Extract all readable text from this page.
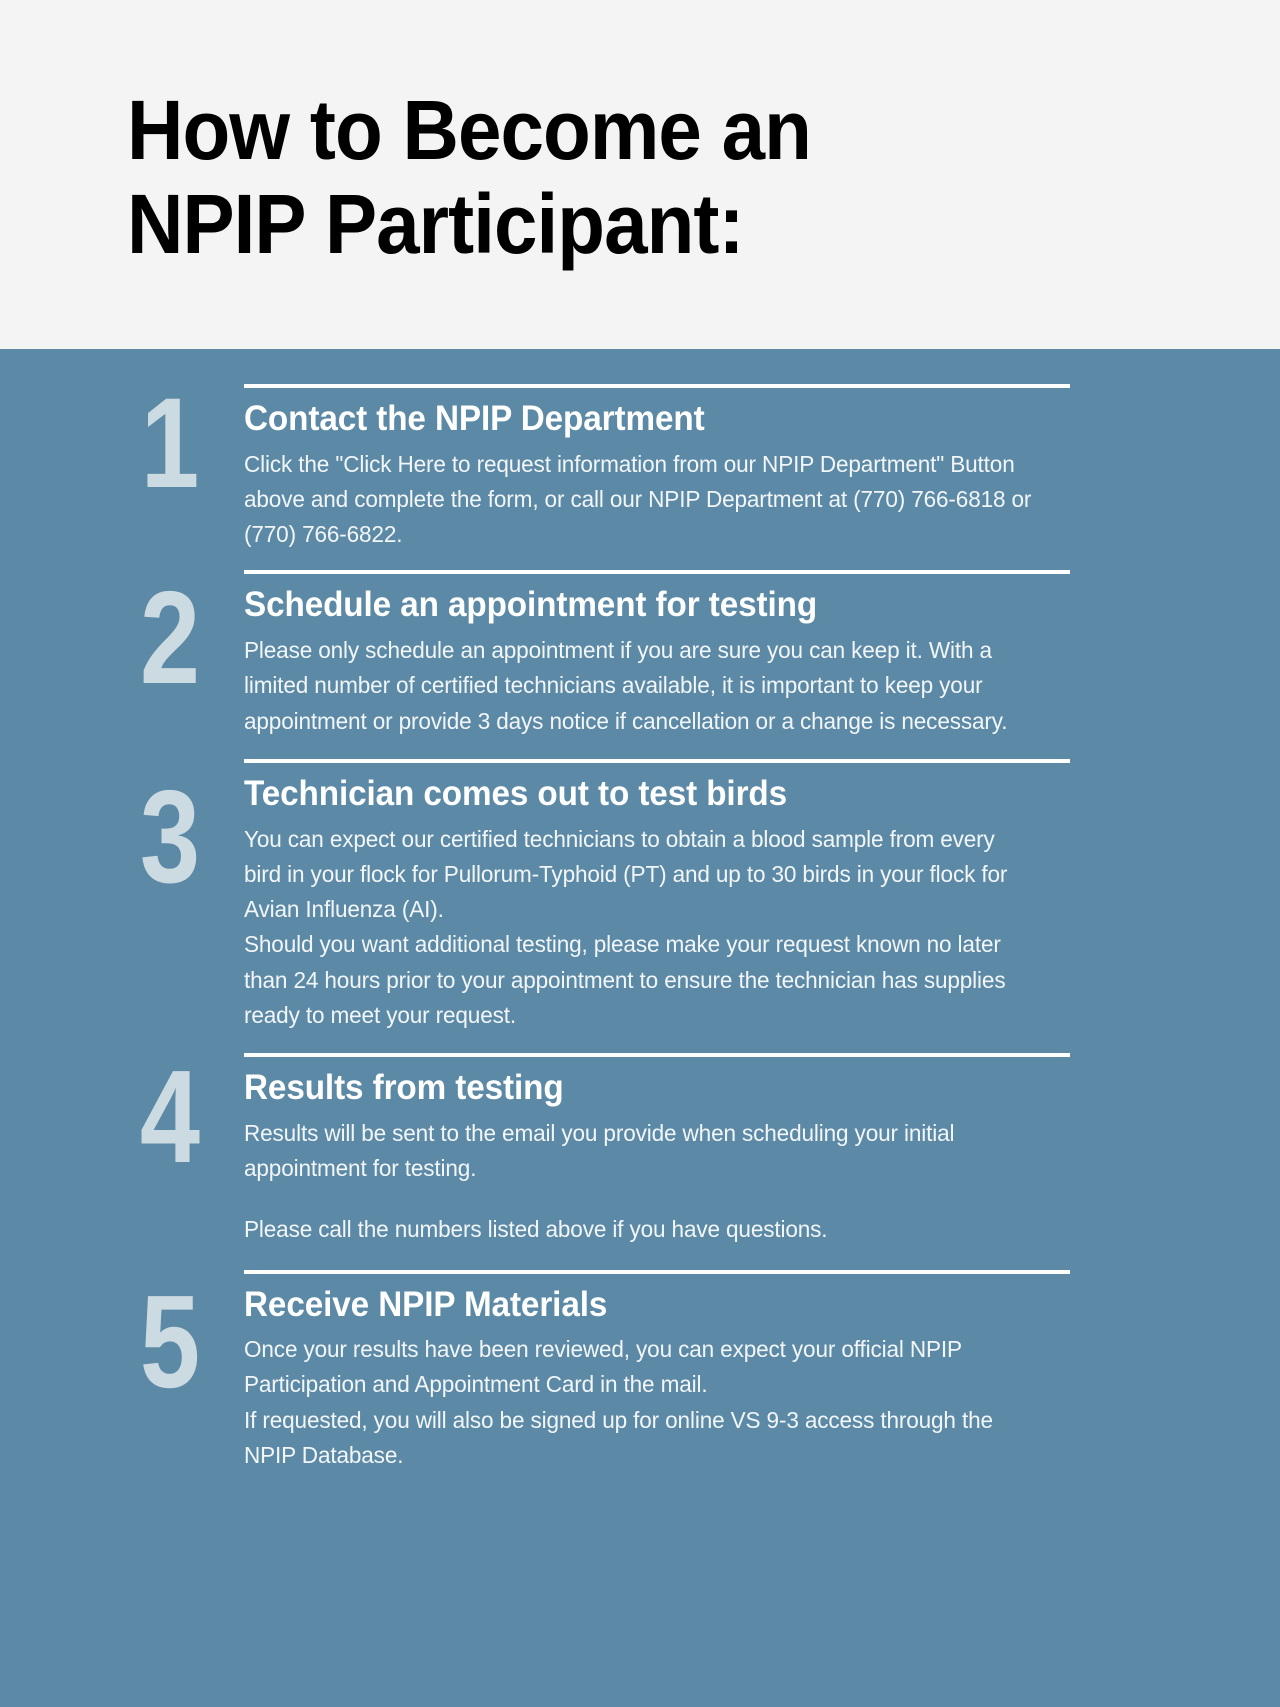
How to Become an
NPIP Participant:
1	Contact the NPIP Department

Click the "Click Here to request information from our NPIP Department" Button above and complete the form, or call our NPIP Department at (770) 766-6818 or (770) 766-6822.

2	Schedule an appointment for testing

Please only schedule an appointment if you are sure you can keep it. With a limited number of certified technicians available, it is important to keep your appointment or provide 3 days notice if cancellation or a change is necessary.

3	Technician comes out to test birds

You can expect our certified technicians to obtain a blood sample from every bird in your flock for Pullorum-Typhoid (PT) and up to 30 birds in your flock for Avian Influenza (AI).

Should you want additional testing, please make your request known no later than 24 hours prior to your appointment to ensure the technician has supplies ready to meet your request.

4	Results from testing

Results will be sent to the email you provide when scheduling your initial appointment for testing.

Please call the numbers listed above if you have questions.

5	Receive NPIP Materials

Once your results have been reviewed, you can expect your official NPIP Participation and Appointment Card in the mail.

If requested, you will also be signed up for online VS 9-3 access through the NPIP Database.
